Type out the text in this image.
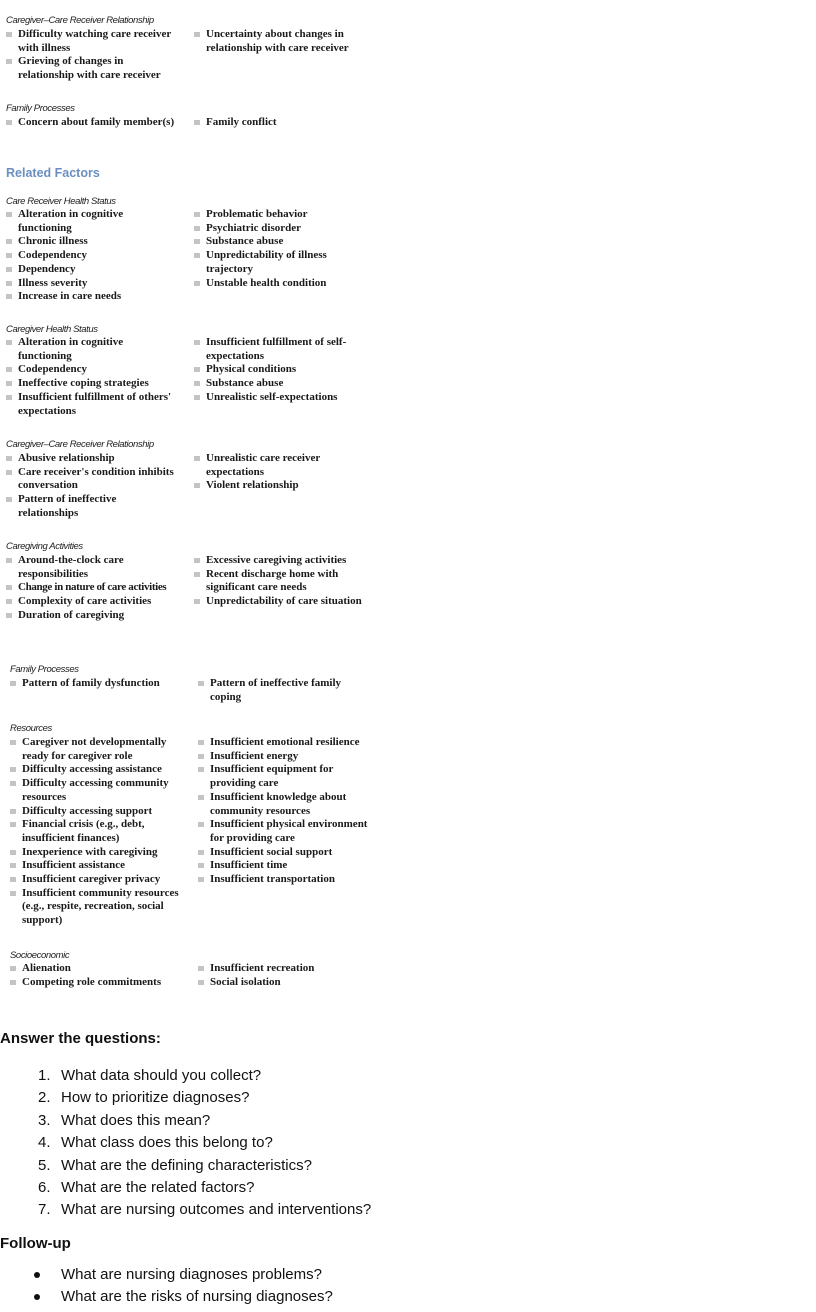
Caregiver–Care Receiver Relationship
Difficulty watching care receiver with illness
Grieving of changes in relationship with care receiver
Uncertainty about changes in relationship with care receiver
Family Processes
Concern about family member(s)	Family conflict
Related Factors
Care Receiver Health Status
Alteration in cognitive functioning
Chronic illness
Codependency
Dependency
Illness severity
Increase in care needs
Problematic behavior
Psychiatric disorder
Substance abuse
Unpredictability of illness trajectory
Unstable health condition
Caregiver Health Status
Alteration in cognitive functioning
Codependency
Ineffective coping strategies
Insufficient fulfillment of others' expectations
Insufficient fulfillment of self-expectations
Physical conditions
Substance abuse
Unrealistic self-expectations
Caregiver–Care Receiver Relationship
Abusive relationship
Care receiver's condition inhibits conversation
Pattern of ineffective relationships
Unrealistic care receiver expectations
Violent relationship
Caregiving Activities
Around-the-clock care responsibilities
Change in nature of care activities
Complexity of care activities
Duration of caregiving
Excessive caregiving activities
Recent discharge home with significant care needs
Unpredictability of care situation
Family Processes
Pattern of family dysfunction	Pattern of ineffective family coping
Resources
Caregiver not developmentally ready for caregiver role
Difficulty accessing assistance
Difficulty accessing community resources
Difficulty accessing support
Financial crisis (e.g., debt, insufficient finances)
Inexperience with caregiving
Insufficient assistance
Insufficient caregiver privacy
Insufficient community resources (e.g., respite, recreation, social support)
Insufficient emotional resilience
Insufficient energy
Insufficient equipment for providing care
Insufficient knowledge about community resources
Insufficient physical environment for providing care
Insufficient social support
Insufficient time
Insufficient transportation
Socioeconomic
Alienation
Competing role commitments
Insufficient recreation
Social isolation
Answer the questions:
1. What data should you collect?
2. How to prioritize diagnoses?
3. What does this mean?
4. What class does this belong to?
5. What are the defining characteristics?
6. What are the related factors?
7. What are nursing outcomes and interventions?
Follow-up
What are nursing diagnoses problems?
What are the risks of nursing diagnoses?
